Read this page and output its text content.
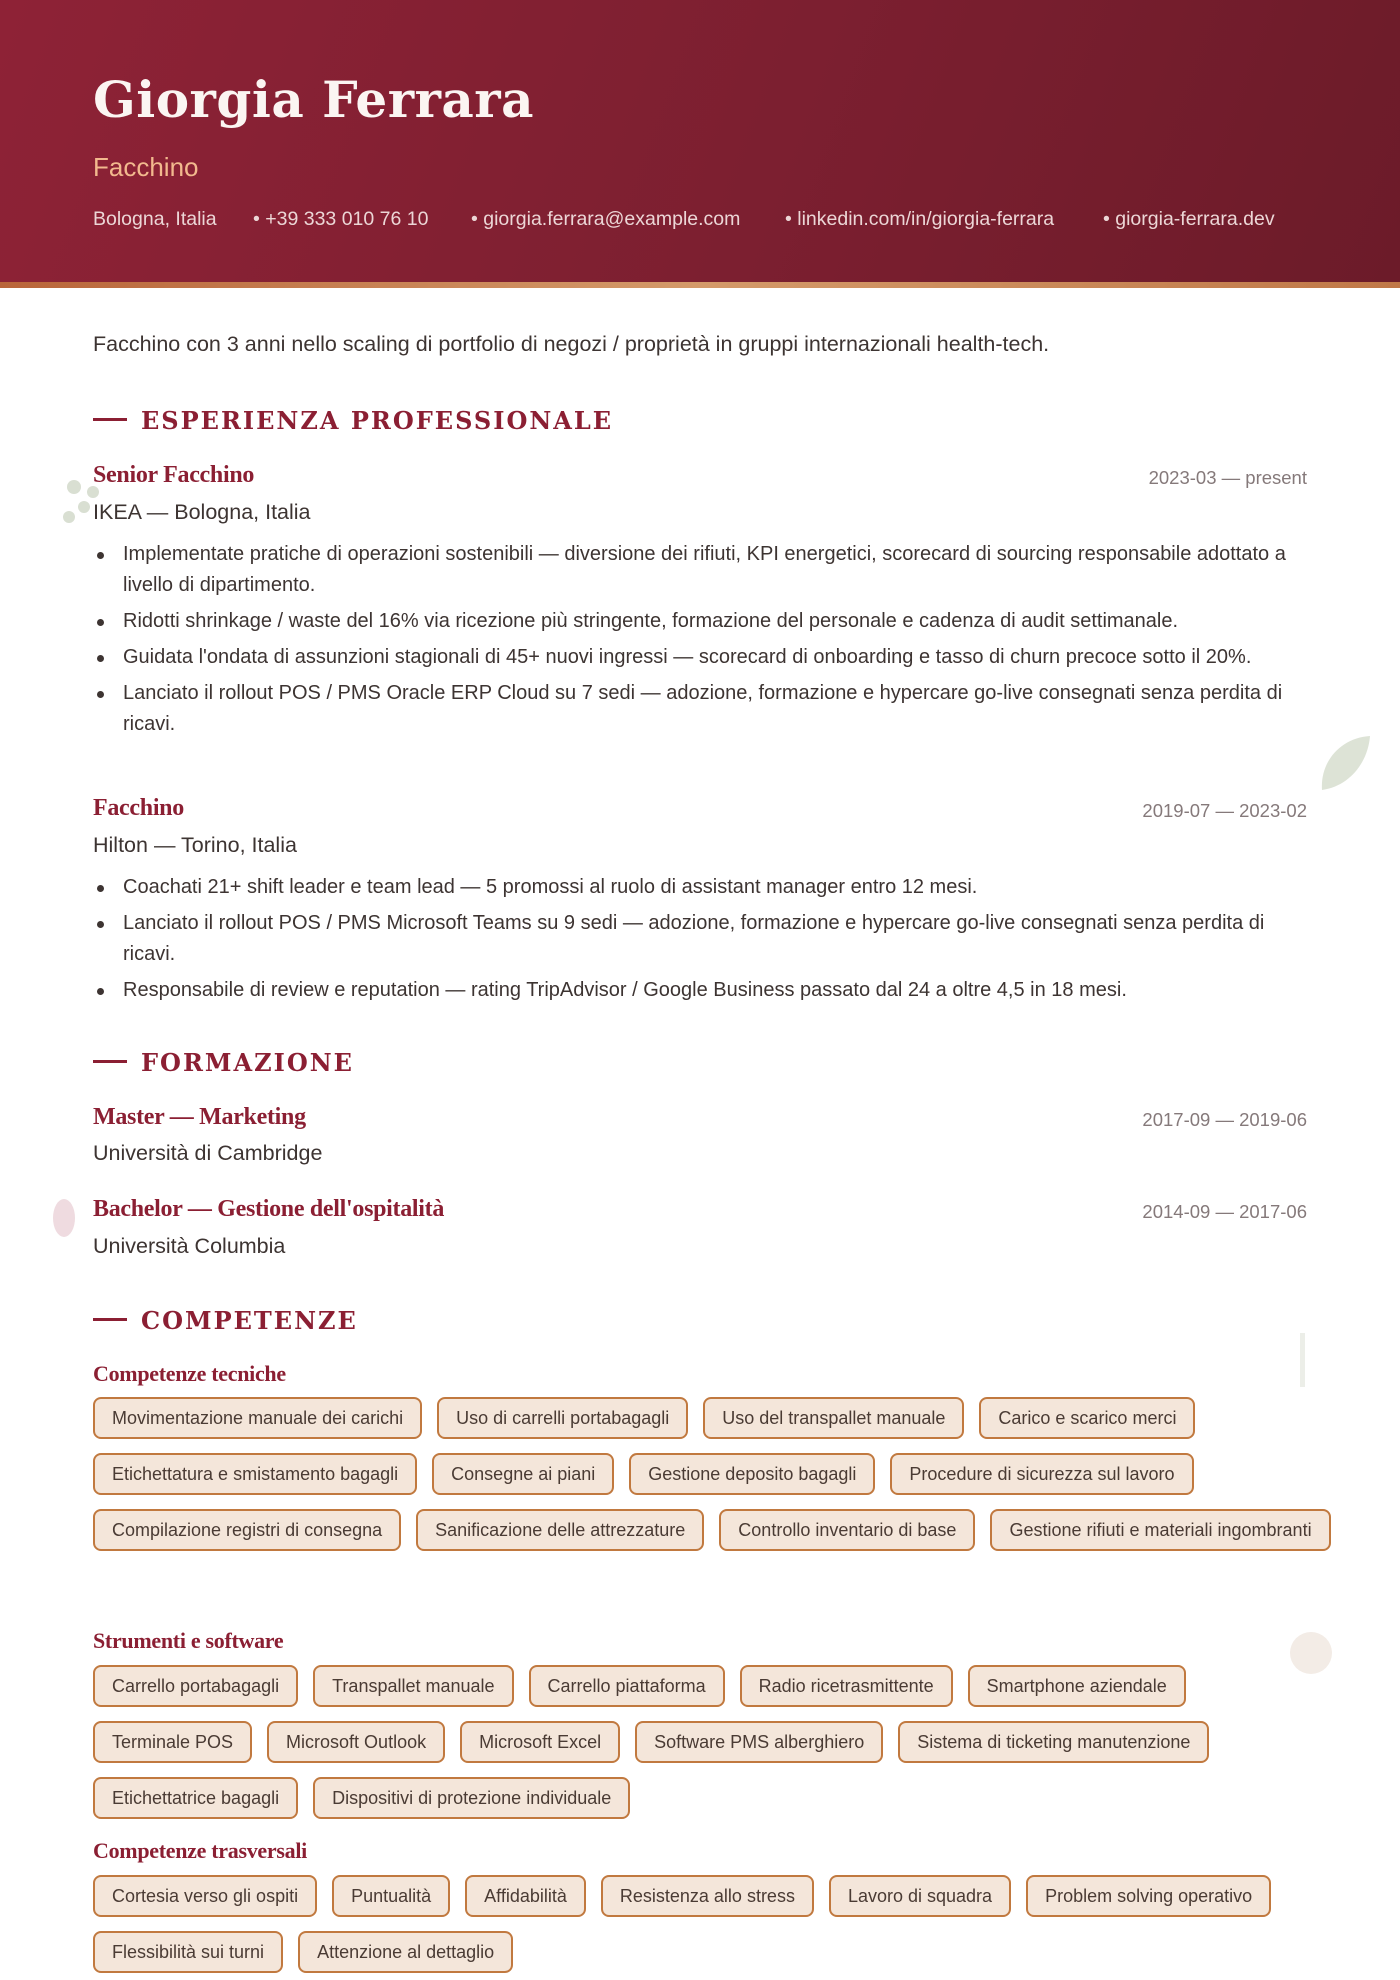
Giorgia Ferrara
Facchino
Bologna, Italia • +39 333 010 76 10 • giorgia.ferrara@example.com • linkedin.com/in/giorgia-ferrara	• giorgia-ferrara.dev
Facchino con 3 anni nello scaling di portfolio di negozi / proprietà in gruppi internazionali health-tech.
ESPERIENZA PROFESSIONALE
Senior Facchino	2023-03 — present
IKEA — Bologna, Italia
Implementate pratiche di operazioni sostenibili — diversione dei rifiuti, KPI energetici, scorecard di sourcing responsabile adottato a livello di dipartimento.
Ridotti shrinkage / waste del 16% via ricezione più stringente, formazione del personale e cadenza di audit settimanale.
Guidata l'ondata di assunzioni stagionali di 45+ nuovi ingressi — scorecard di onboarding e tasso di churn precoce sotto il 20%.
Lanciato il rollout POS / PMS Oracle ERP Cloud su 7 sedi — adozione, formazione e hypercare go-live consegnati senza perdita di ricavi.
Facchino	2019-07 — 2023-02
Hilton — Torino, Italia
Coachati 21+ shift leader e team lead — 5 promossi al ruolo di assistant manager entro 12 mesi.
Lanciato il rollout POS / PMS Microsoft Teams su 9 sedi — adozione, formazione e hypercare go-live consegnati senza perdita di ricavi.
Responsabile di review e reputation — rating TripAdvisor / Google Business passato dal 24 a oltre 4,5 in 18 mesi.
FORMAZIONE
Master — Marketing	2017-09 — 2019-06
Università di Cambridge
Bachelor — Gestione dell'ospitalità	2014-09 — 2017-06
Università Columbia
COMPETENZE
Competenze tecniche
Movimentazione manuale dei carichi	Uso di carrelli portabagagli	Uso del transpallet manuale	Carico e scarico merci
Etichettatura e smistamento bagagli	Consegne ai piani	Gestione deposito bagagli	Procedure di sicurezza sul lavoro
Compilazione registri di consegna	Sanificazione delle attrezzature	Controllo inventario di base	Gestione rifiuti e materiali ingombranti
Strumenti e software
Carrello portabagagli	Transpallet manuale	Carrello piattaforma	Radio ricetrasmittente	Smartphone aziendale
Terminale POS	Microsoft Outlook	Microsoft Excel	Software PMS alberghiero	Sistema di ticketing manutenzione
Etichettatrice bagagli	Dispositivi di protezione individuale
Competenze trasversali
Cortesia verso gli ospiti	Puntualità	Affidabilità	Resistenza allo stress	Lavoro di squadra	Problem solving operativo
Flessibilità sui turni	Attenzione al dettaglio
